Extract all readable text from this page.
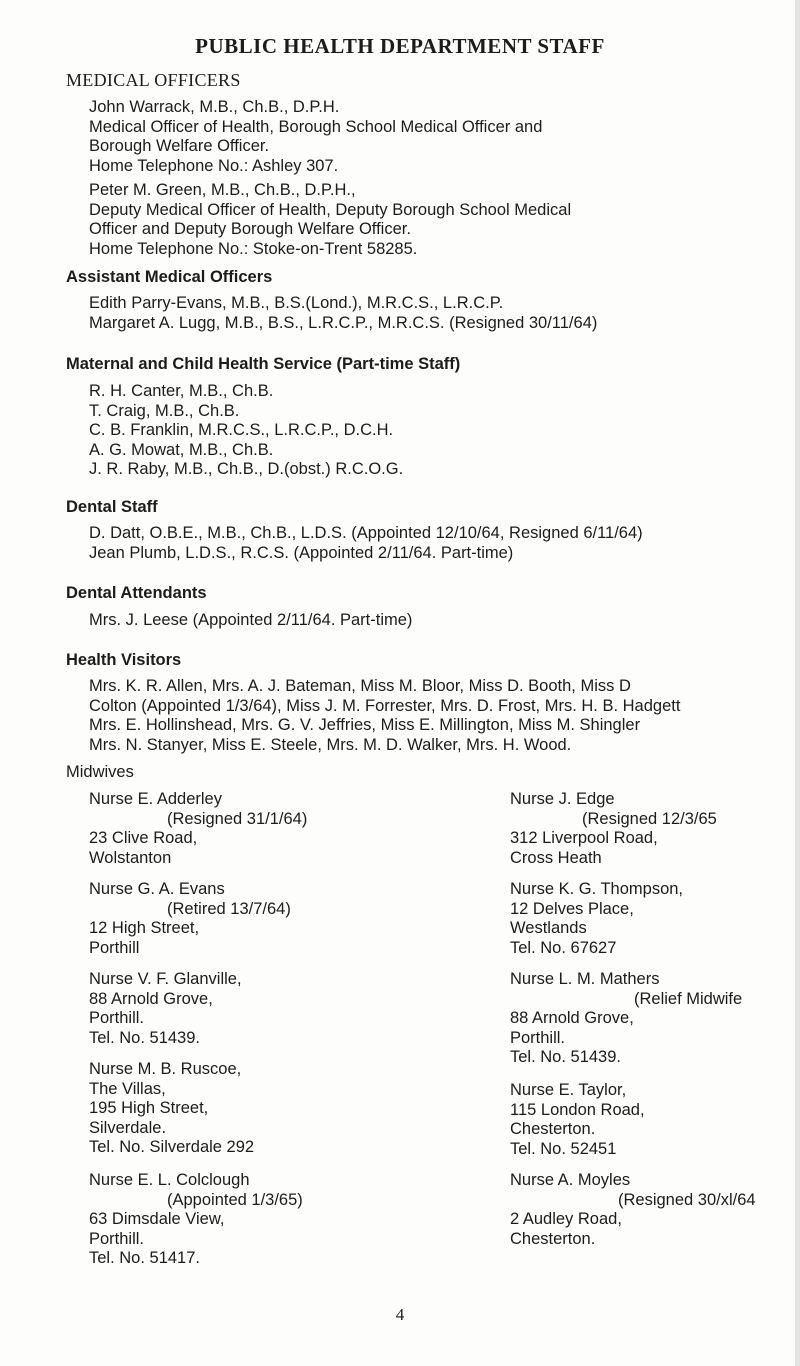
PUBLIC HEALTH DEPARTMENT STAFF
MEDICAL OFFICERS
John Warrack, M.B., Ch.B., D.P.H.
Medical Officer of Health, Borough School Medical Officer and
Borough Welfare Officer.
Home Telephone No.: Ashley 307.
Peter M. Green, M.B., Ch.B., D.P.H.,
Deputy Medical Officer of Health, Deputy Borough School Medical
Officer and Deputy Borough Welfare Officer.
Home Telephone No.: Stoke-on-Trent 58285.
Assistant Medical Officers
Edith Parry-Evans, M.B., B.S.(Lond.), M.R.C.S., L.R.C.P.
Margaret A. Lugg, M.B., B.S., L.R.C.P., M.R.C.S. (Resigned 30/11/64)
Maternal and Child Health Service (Part-time Staff)
R. H. Canter, M.B., Ch.B.
T. Craig, M.B., Ch.B.
C. B. Franklin, M.R.C.S., L.R.C.P., D.C.H.
A. G. Mowat, M.B., Ch.B.
J. R. Raby, M.B., Ch.B., D.(obst.) R.C.O.G.
Dental Staff
D. Datt, O.B.E., M.B., Ch.B., L.D.S. (Appointed 12/10/64, Resigned 6/11/64)
Jean Plumb, L.D.S., R.C.S. (Appointed 2/11/64. Part-time)
Dental Attendants
Mrs. J. Leese (Appointed 2/11/64. Part-time)
Health Visitors
Mrs. K. R. Allen, Mrs. A. J. Bateman, Miss M. Bloor, Miss D. Booth, Miss D
Colton (Appointed 1/3/64), Miss J. M. Forrester, Mrs. D. Frost, Mrs. H. B. Hadgett
Mrs. E. Hollinshead, Mrs. G. V. Jeffries, Miss E. Millington, Miss M. Shingler
Mrs. N. Stanyer, Miss E. Steele, Mrs. M. D. Walker, Mrs. H. Wood.
Midwives
Nurse E. Adderley
(Resigned 31/1/64)
23 Clive Road,
Wolstanton
Nurse G. A. Evans
(Retired 13/7/64)
12 High Street,
Porthill
Nurse V. F. Glanville,
88 Arnold Grove,
Porthill.
Tel. No. 51439.
Nurse M. B. Ruscoe,
The Villas,
195 High Street,
Silverdale.
Tel. No. Silverdale 292
Nurse E. L. Colclough
(Appointed 1/3/65)
63 Dimsdale View,
Porthill.
Tel. No. 51417.
Nurse J. Edge
(Resigned 12/3/65
312 Liverpool Road,
Cross Heath
Nurse K. G. Thompson,
12 Delves Place,
Westlands
Tel. No. 67627
Nurse L. M. Mathers
(Relief Midwife
88 Arnold Grove,
Porthill.
Tel. No. 51439.
Nurse E. Taylor,
115 London Road,
Chesterton.
Tel. No. 52451
Nurse A. Moyles
(Resigned 30/xl/64
2 Audley Road,
Chesterton.
4
